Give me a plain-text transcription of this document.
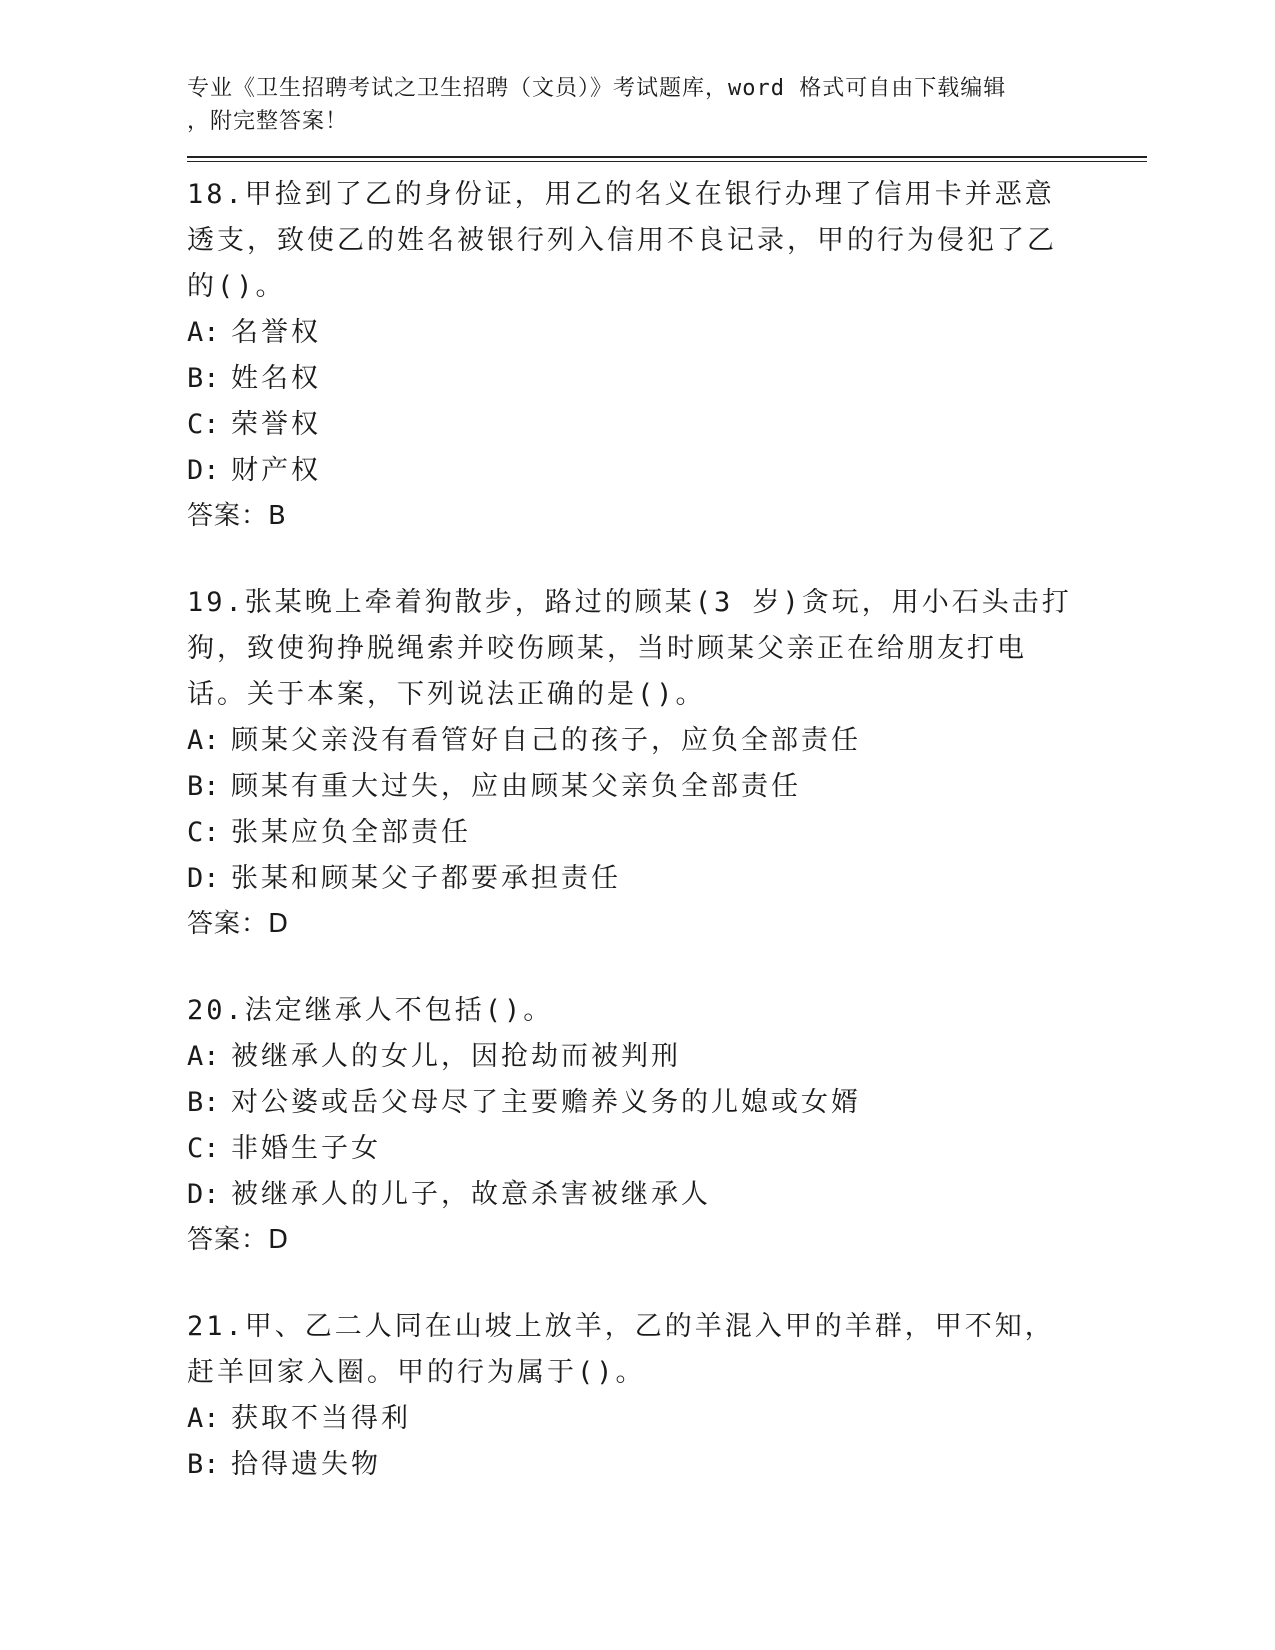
专业《卫生招聘考试之卫生招聘（文员）》考试题库，word 格式可自由下载编辑
，附完整答案！
18.甲捡到了乙的身份证，用乙的名义在银行办理了信用卡并恶意透支，致使乙的姓名被银行列入信用不良记录，甲的行为侵犯了乙的()。
A: 名誉权
B: 姓名权
C: 荣誉权
D: 财产权
答案：B
19.张某晚上牵着狗散步，路过的顾某(3 岁)贪玩，用小石头击打狗，致使狗挣脱绳索并咬伤顾某，当时顾某父亲正在给朋友打电话。关于本案，下列说法正确的是()。
A: 顾某父亲没有看管好自己的孩子，应负全部责任
B: 顾某有重大过失，应由顾某父亲负全部责任
C: 张某应负全部责任
D: 张某和顾某父子都要承担责任
答案：D
20.法定继承人不包括()。
A: 被继承人的女儿，因抢劫而被判刑
B: 对公婆或岳父母尽了主要赡养义务的儿媳或女婿
C: 非婚生子女
D: 被继承人的儿子，故意杀害被继承人
答案：D
21.甲、乙二人同在山坡上放羊，乙的羊混入甲的羊群，甲不知，赶羊回家入圈。甲的行为属于()。
A: 获取不当得利
B: 拾得遗失物
